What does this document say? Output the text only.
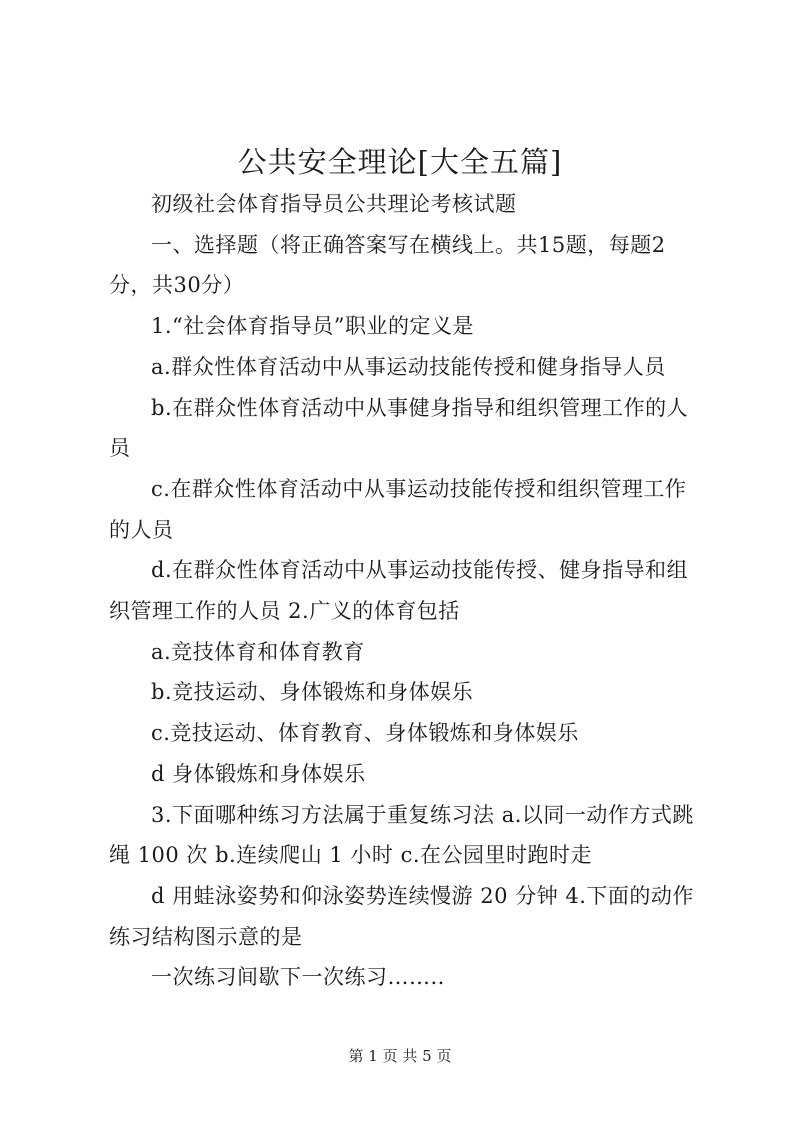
公共安全理论[大全五篇]

初级社会体育指导员公共理论考核试题

一、选择题（将正确答案写在横线上。共15题，每题2分，共30分）

1.“社会体育指导员”职业的定义是

a.群众性体育活动中从事运动技能传授和健身指导人员

b.在群众性体育活动中从事健身指导和组织管理工作的人员

c.在群众性体育活动中从事运动技能传授和组织管理工作的人员

d.在群众性体育活动中从事运动技能传授、健身指导和组织管理工作的人员 2.广义的体育包括

a.竞技体育和体育教育

b.竞技运动、身体锻炼和身体娱乐

c.竞技运动、体育教育、身体锻炼和身体娱乐

d 身体锻炼和身体娱乐

3.下面哪种练习方法属于重复练习法 a.以同一动作方式跳绳 100 次 b.连续爬山 1 小时 c.在公园里时跑时走

d 用蛙泳姿势和仰泳姿势连续慢游 20 分钟 4.下面的动作练习结构图示意的是

一次练习间歇下一次练习……..

第 1 页 共 5 页
